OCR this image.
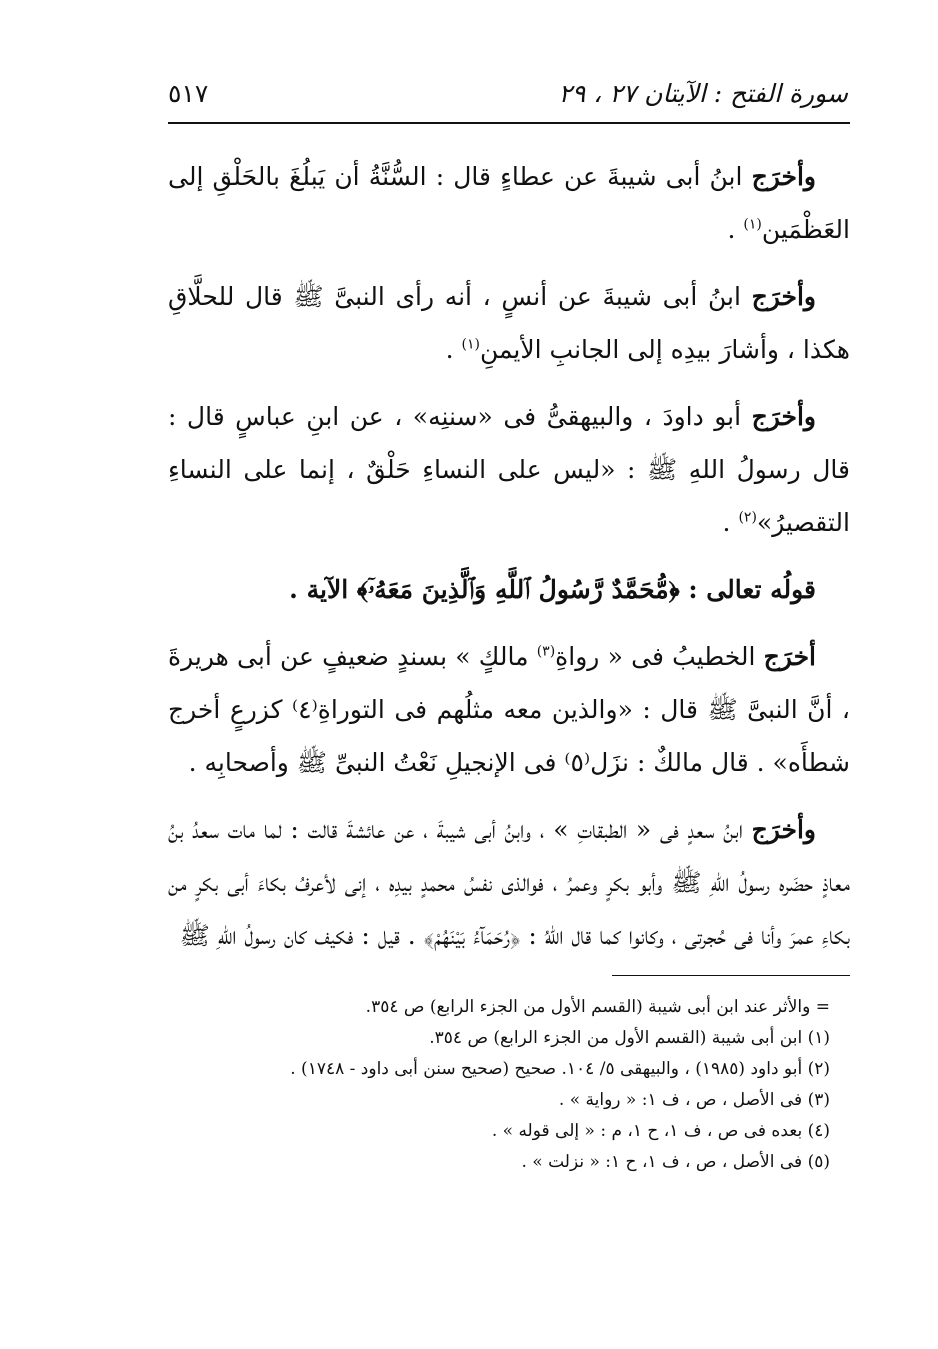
سورة الفتح : الآيتان ٢٧ ، ٢٩
٥١٧

وأخرَج ابنُ أبى شيبةَ عن عطاءٍ قال : السُّنَّةُ أن يَبلُغَ بالحَلْقِ إلى العَظْمَين$^{(١)}$ .

وأخرَج ابنُ أبى شيبةَ عن أنسٍ ، أنه رأى النبىَّ ﷺ قال للحلَّاقِ هكذا ، وأشارَ بيدِه إلى الجانبِ الأيمنِ$^{(١)}$ .

وأخرَج أبو داودَ ، والبيهقىُّ فى «سننِه» ، عن ابنِ عباسٍ قال : قال رسولُ اللهِ ﷺ : «ليس على النساءِ حَلْقٌ ، إنما على النساءِ التقصيرُ»$^{(٢)}$ .

قولُه تعالى : ﴿مُّحَمَّدٌ رَّسُولُ ٱللَّهِ وَٱلَّذِينَ مَعَهُۥٓ﴾ الآية .

أخرَج الخطيبُ فى « رواةِ$^{(٣)}$ مالكٍ » بسندٍ ضعيفٍ عن أبى هريرةَ ، أنَّ النبىَّ ﷺ قال : «والذين معه مثلُهم فى التوراةِ⁽٤⁾ كزرعٍ أخرج شطأَه» . قال مالكٌ : نزَل⁽٥⁾ فى الإنجيلِ نَعْتُ النبىِّ ﷺ وأصحابِه .

وأخرَج ابنُ سعدٍ فى « الطبقاتِ » ، وابنُ أبى شيبةَ ، عن عائشةَ قالت : لما مات سعدُ بنُ معاذٍ حضَره رسولُ اللهِ ﷺ وأبو بكرٍ وعمرُ ، فوالذى نفسُ محمدٍ بيدِه ، إنى لأعرفُ بكاءَ أبى بكرٍ من بكاءِ عمرَ وأنا فى حُجرتى ، وكانوا كما قال اللهُ : ﴿رُحَمَآءُ بَيْنَهُمْ﴾ . قيل : فكيف كان رسولُ اللهِ ﷺ

= والأثر عند ابن أبى شيبة (القسم الأول من الجزء الرابع) ص ٣٥٤.

(١) ابن أبى شيبة (القسم الأول من الجزء الرابع) ص ٣٥٤.

(٢) أبو داود (١٩٨٥) ، والبيهقى ٥/ ١٠٤. صحيح (صحيح سنن أبى داود - ١٧٤٨) .

(٣) فى الأصل ، ص ، ف ١: « رواية » .

(٤) بعده فى ص ، ف ١، ح ١، م : « إلى قوله » .

(٥) فى الأصل ، ص ، ف ١، ح ١: « نزلت » .
